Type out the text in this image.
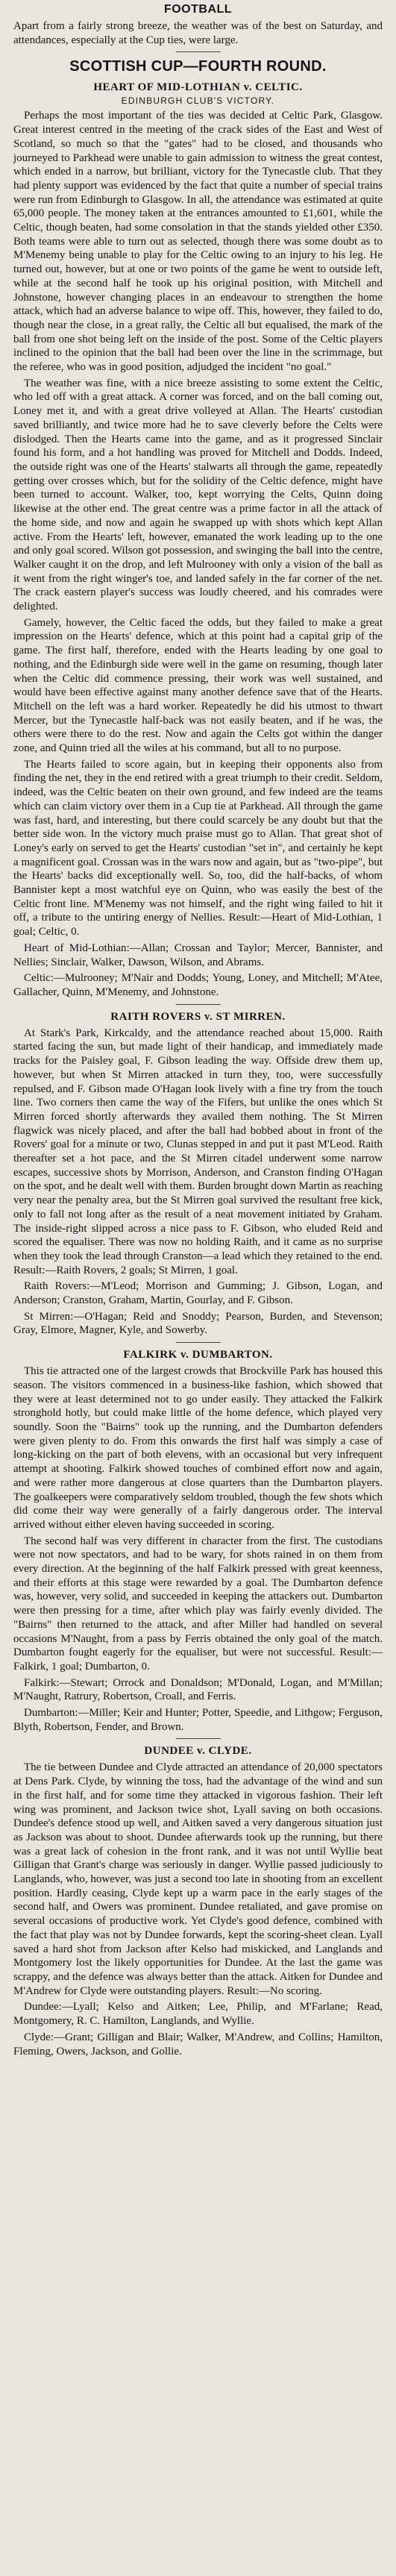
FOOTBALL

Apart from a fairly strong breeze, the weather was of the best on Saturday, and attendances, especially at the Cup ties, were large.

SCOTTISH CUP—FOURTH ROUND.
HEART OF MID-LOTHIAN v. CELTIC.
EDINBURGH CLUB'S VICTORY.

Perhaps the most important of the ties was decided at Celtic Park, Glasgow. Great interest centred in the meeting of the crack sides of the East and West of Scotland, so much so that the "gates" had to be closed, and thousands who journeyed to Parkhead were unable to gain admission to witness the great contest, which ended in a narrow, but brilliant, victory for the Tynecastle club. That they had plenty support was evidenced by the fact that quite a number of special trains were run from Edinburgh to Glasgow. In all, the attendance was estimated at quite 65,000 people. The money taken at the entrances amounted to £1,601, while the Celtic, though beaten, had some consolation in that the stands yielded other £350. Both teams were able to turn out as selected, though there was some doubt as to M'Menemy being unable to play for the Celtic owing to an injury to his leg. He turned out, however, but at one or two points of the game he went to outside left, while at the second half he took up his original position, with Mitchell and Johnstone, however changing places in an endeavour to strengthen the home attack, which had an adverse balance to wipe off. This, however, they failed to do, though near the close, in a great rally, the Celtic all but equalised, the mark of the ball from one shot being left on the inside of the post. Some of the Celtic players inclined to the opinion that the ball had been over the line in the scrimmage, but the referee, who was in good position, adjudged the incident "no goal."

The weather was fine, with a nice breeze assisting to some extent the Celtic, who led off with a great attack. A corner was forced, and on the ball coming out, Loney met it, and with a great drive volleyed at Allan. The Hearts' custodian saved brilliantly, and twice more had he to save cleverly before the Celts were dislodged. Then the Hearts came into the game, and as it progressed Sinclair found his form, and a hot handling was proved for Mitchell and Dodds. Indeed, the outside right was one of the Hearts' stalwarts all through the game, repeatedly getting over crosses which, but for the solidity of the Celtic defence, might have been turned to account. Walker, too, kept worrying the Celts, Quinn doing likewise at the other end. The great centre was a prime factor in all the attack of the home side, and now and again he swapped up with shots which kept Allan active. From the Hearts' left, however, emanated the work leading up to the one and only goal scored. Wilson got possession, and swinging the ball into the centre, Walker caught it on the drop, and left Mulrooney with only a vision of the ball as it went from the right winger's toe, and landed safely in the far corner of the net. The crack eastern player's success was loudly cheered, and his comrades were delighted.

Gamely, however, the Celtic faced the odds, but they failed to make a great impression on the Hearts' defence, which at this point had a capital grip of the game. The first half, therefore, ended with the Hearts leading by one goal to nothing, and the Edinburgh side were well in the game on resuming, though later when the Celtic did commence pressing, their work was well sustained, and would have been effective against many another defence save that of the Hearts. Mitchell on the left was a hard worker. Repeatedly he did his utmost to thwart Mercer, but the Tynecastle half-back was not easily beaten, and if he was, the others were there to do the rest. Now and again the Celts got within the danger zone, and Quinn tried all the wiles at his command, but all to no purpose.

The Hearts failed to score again, but in keeping their opponents also from finding the net, they in the end retired with a great triumph to their credit. Seldom, indeed, was the Celtic beaten on their own ground, and few indeed are the teams which can claim victory over them in a Cup tie at Parkhead. All through the game was fast, hard, and interesting, but there could scarcely be any doubt but that the better side won. In the victory much praise must go to Allan. That great shot of Loney's early on served to get the Hearts' custodian "set in", and certainly he kept a magnificent goal. Crossan was in the wars now and again, but as "two-pipe", but the Hearts' backs did exceptionally well. So, too, did the half-backs, of whom Bannister kept a most watchful eye on Quinn, who was easily the best of the Celtic front line. M'Menemy was not himself, and the right wing failed to hit it off, a tribute to the untiring energy of Nellies. Result:—Heart of Mid-Lothian, 1 goal; Celtic, 0.

Heart of Mid-Lothian:—Allan; Crossan and Taylor; Mercer, Bannister, and Nellies; Sinclair, Walker, Dawson, Wilson, and Abrams.

Celtic:—Mulrooney; M'Nair and Dodds; Young, Loney, and Mitchell; M'Atee, Gallacher, Quinn, M'Menemy, and Johnstone.

RAITH ROVERS v. ST MIRREN.

At Stark's Park, Kirkcaldy, and the attendance reached about 15,000. Raith started facing the sun, but made light of their handicap, and immediately made tracks for the Paisley goal, F. Gibson leading the way. Offside drew them up, however, but when St Mirren attacked in turn they, too, were successfully repulsed, and F. Gibson made O'Hagan look lively with a fine try from the touch line. Two corners then came the way of the Fifers, but unlike the ones which St Mirren forced shortly afterwards they availed them nothing. The St Mirren flagwick was nicely placed, and after the ball had bobbed about in front of the Rovers' goal for a minute or two, Clunas stepped in and put it past M'Leod. Raith thereafter set a hot pace, and the St Mirren citadel underwent some narrow escapes, successive shots by Morrison, Anderson, and Cranston finding O'Hagan on the spot, and he dealt well with them. Burden brought down Martin as reaching very near the penalty area, but the St Mirren goal survived the resultant free kick, only to fall not long after as the result of a neat movement initiated by Graham. The inside-right slipped across a nice pass to F. Gibson, who eluded Reid and scored the equaliser. There was now no holding Raith, and it came as no surprise when they took the lead through Cranston—a lead which they retained to the end. Result:—Raith Rovers, 2 goals; St Mirren, 1 goal.

Raith Rovers:—M'Leod; Morrison and Gumming; J. Gibson, Logan, and Anderson; Cranston, Graham, Martin, Gourlay, and F. Gibson.

St Mirren:—O'Hagan; Reid and Snoddy; Pearson, Burden, and Stevenson; Gray, Elmore, Magner, Kyle, and Sowerby.

FALKIRK v. DUMBARTON.

This tie attracted one of the largest crowds that Brockville Park has housed this season. The visitors commenced in a business-like fashion, which showed that they were at least determined not to go under easily. They attacked the Falkirk stronghold hotly, but could make little of the home defence, which played very soundly. Soon the "Bairns" took up the running, and the Dumbarton defenders were given plenty to do. From this onwards the first half was simply a case of long-kicking on the part of both elevens, with an occasional but very infrequent attempt at shooting. Falkirk showed touches of combined effort now and again, and were rather more dangerous at close quarters than the Dumbarton players. The goalkeepers were comparatively seldom troubled, though the few shots which did come their way were generally of a fairly dangerous order. The interval arrived without either eleven having succeeded in scoring.

The second half was very different in character from the first. The custodians were not now spectators, and had to be wary, for shots rained in on them from every direction. At the beginning of the half Falkirk pressed with great keenness, and their efforts at this stage were rewarded by a goal. The Dumbarton defence was, however, very solid, and succeeded in keeping the attackers out. Dumbarton were then pressing for a time, after which play was fairly evenly divided. The "Bairns" then returned to the attack, and after Miller had handled on several occasions M'Naught, from a pass by Ferris obtained the only goal of the match. Dumbarton fought eagerly for the equaliser, but were not successful. Result:—Falkirk, 1 goal; Dumbarton, 0.

Falkirk:—Stewart; Orrock and Donaldson; M'Donald, Logan, and M'Millan; M'Naught, Ratrury, Robertson, Croall, and Ferris.

Dumbarton:—Miller; Keir and Hunter; Potter, Speedie, and Lithgow; Ferguson, Blyth, Robertson, Fender, and Brown.

DUNDEE v. CLYDE.

The tie between Dundee and Clyde attracted an attendance of 20,000 spectators at Dens Park. Clyde, by winning the toss, had the advantage of the wind and sun in the first half, and for some time they attacked in vigorous fashion. Their left wing was prominent, and Jackson twice shot, Lyall saving on both occasions. Dundee's defence stood up well, and Aitken saved a very dangerous situation just as Jackson was about to shoot. Dundee afterwards took up the running, but there was a great lack of cohesion in the front rank, and it was not until Wyllie beat Gilligan that Grant's charge was seriously in danger. Wyllie passed judiciously to Langlands, who, however, was just a second too late in shooting from an excellent position. Hardly ceasing, Clyde kept up a warm pace in the early stages of the second half, and Owers was prominent. Dundee retaliated, and gave promise on several occasions of productive work. Yet Clyde's good defence, combined with the fact that play was not by Dundee forwards, kept the scoring-sheet clean. Lyall saved a hard shot from Jackson after Kelso had miskicked, and Langlands and Montgomery lost the likely opportunities for Dundee. At the last the game was scrappy, and the defence was always better than the attack. Aitken for Dundee and M'Andrew for Clyde were outstanding players. Result:—No scoring.

Dundee:—Lyall; Kelso and Aitken; Lee, Philip, and M'Farlane; Read, Montgomery, R. C. Hamilton, Langlands, and Wyllie.

Clyde:—Grant; Gilligan and Blair; Walker, M'Andrew, and Collins; Hamilton, Fleming, Owers, Jackson, and Gollie.
